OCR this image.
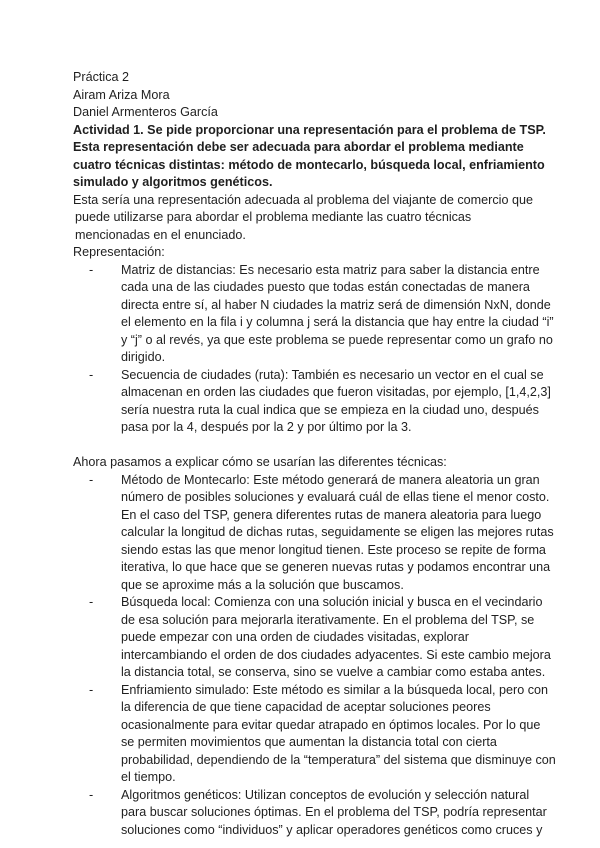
Práctica 2
Airam Ariza Mora
Daniel Armenteros García
Actividad 1. Se pide proporcionar una representación para el problema de TSP.
Esta representación debe ser adecuada para abordar el problema mediante
cuatro técnicas distintas: método de montecarlo, búsqueda local, enfriamiento
simulado y algoritmos genéticos.
Esta sería una representación adecuada al problema del viajante de comercio que
puede utilizarse para abordar el problema mediante las cuatro técnicas
mencionadas en el enunciado.
Representación:
- Matriz de distancias: Es necesario esta matriz para saber la distancia entre
cada una de las ciudades puesto que todas están conectadas de manera
directa entre sí, al haber N ciudades la matriz será de dimensión NxN, donde
el elemento en la fila i y columna j será la distancia que hay entre la ciudad “i”
y “j” o al revés, ya que este problema se puede representar como un grafo no
dirigido.
- Secuencia de ciudades (ruta): También es necesario un vector en el cual se
almacenan en orden las ciudades que fueron visitadas, por ejemplo, [1,4,2,3]
sería nuestra ruta la cual indica que se empieza en la ciudad uno, después
pasa por la 4, después por la 2 y por último por la 3.
Ahora pasamos a explicar cómo se usarían las diferentes técnicas:
- Método de Montecarlo: Este método generará de manera aleatoria un gran
número de posibles soluciones y evaluará cuál de ellas tiene el menor costo.
En el caso del TSP, genera diferentes rutas de manera aleatoria para luego
calcular la longitud de dichas rutas, seguidamente se eligen las mejores rutas
siendo estas las que menor longitud tienen. Este proceso se repite de forma
iterativa, lo que hace que se generen nuevas rutas y podamos encontrar una
que se aproxime más a la solución que buscamos.
- Búsqueda local: Comienza con una solución inicial y busca en el vecindario
de esa solución para mejorarla iterativamente. En el problema del TSP, se
puede empezar con una orden de ciudades visitadas, explorar
intercambiando el orden de dos ciudades adyacentes. Si este cambio mejora
la distancia total, se conserva, sino se vuelve a cambiar como estaba antes.
- Enfriamiento simulado: Este método es similar a la búsqueda local, pero con
la diferencia de que tiene capacidad de aceptar soluciones peores
ocasionalmente para evitar quedar atrapado en óptimos locales. Por lo que
se permiten movimientos que aumentan la distancia total con cierta
probabilidad, dependiendo de la “temperatura” del sistema que disminuye con
el tiempo.
- Algoritmos genéticos: Utilizan conceptos de evolución y selección natural
para buscar soluciones óptimas. En el problema del TSP, podría representar
soluciones como “individuos” y aplicar operadores genéticos como cruces y
